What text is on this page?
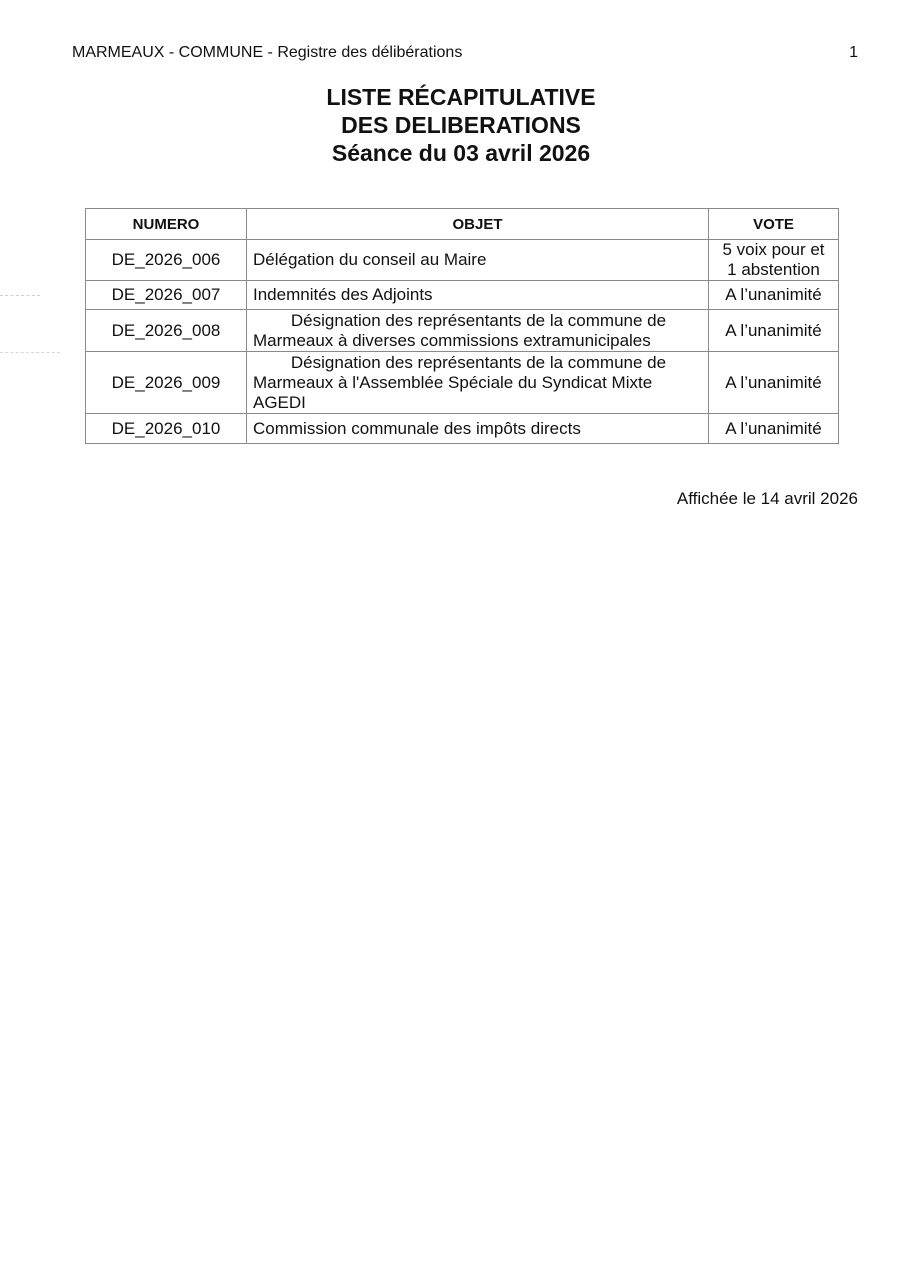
MARMEAUX - COMMUNE - Registre des délibérations	1
LISTE RÉCAPITULATIVE
DES DELIBERATIONS
Séance du 03 avril 2026
NUMERO	OBJET	VOTE
DE_2026_006	Délégation du conseil au Maire	5 voix pour et
1 abstention

DE_2026_007	Indemnités des Adjoints	A l’unanimité
DE_2026_008	Désignation des représentants de la commune de
Marmeaux à diverses commissions extramunicipales	A l’unanimité
DE_2026_009	Désignation des représentants de la commune de
Marmeaux à l'Assemblée Spéciale du Syndicat Mixte
AGEDI	A l’unanimité
DE_2026_010	Commission communale des impôts directs	A l’unanimité
Affichée le 14 avril 2026
